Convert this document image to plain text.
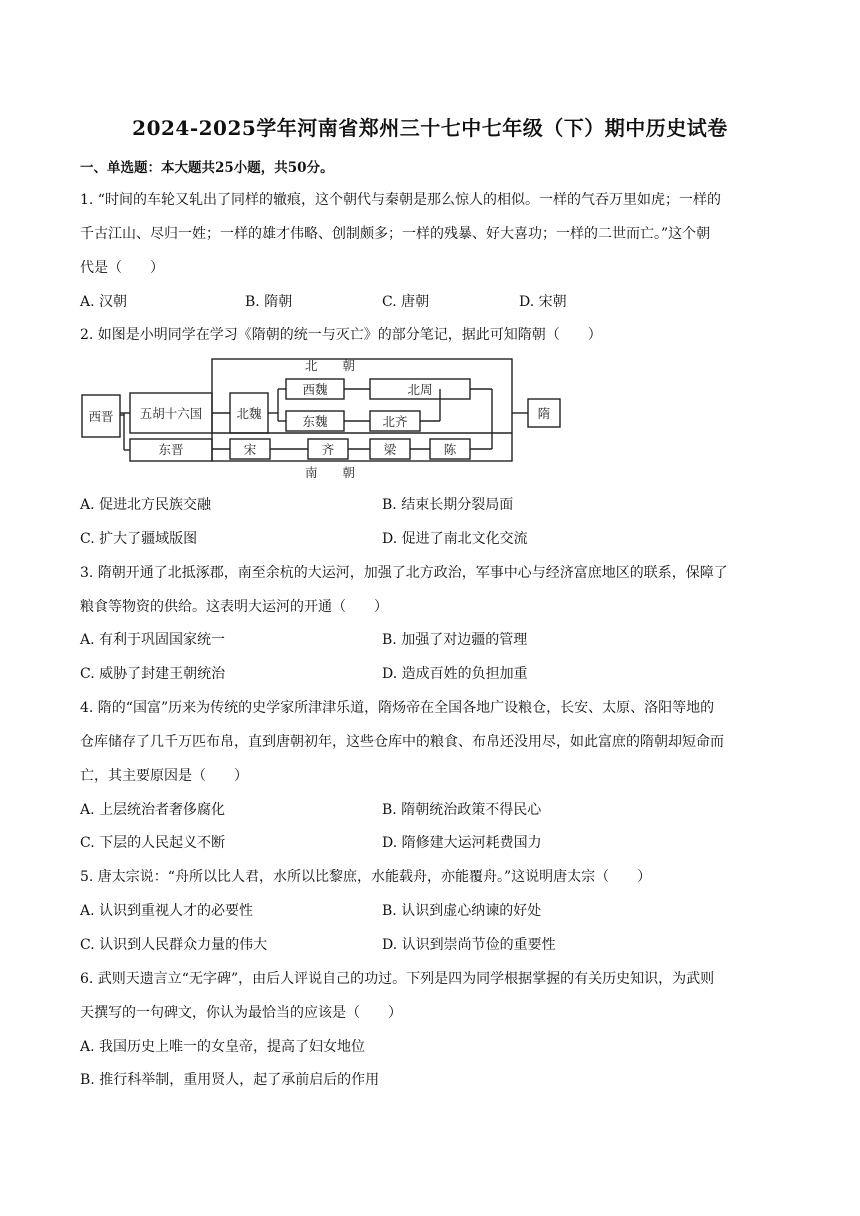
2024-2025学年河南省郑州三十七中七年级（下）期中历史试卷
一、单选题：本大题共25小题，共50分。
1. “时间的车轮又轧出了同样的辙痕，这个朝代与秦朝是那么惊人的相似。一样的气吞万里如虎；一样的
千古江山、尽归一姓；一样的雄才伟略、创制颇多；一样的残暴、好大喜功；一样的二世而亡。”这个朝
代是（　　）
A. 汉朝	B. 隋朝	C. 唐朝	D. 宋朝
2. 如图是小明同学在学习《隋朝的统一与灭亡》的部分笔记，据此可知隋朝（　　）
北　　朝
南　　朝
西晋 五胡十六国
东晋
北魏
西魏	北周
东魏	北齐
宋	齐	梁	陈
隋
A. 促进北方民族交融	B. 结束长期分裂局面
C. 扩大了疆域版图	D. 促进了南北文化交流
3. 隋朝开通了北抵涿郡，南至余杭的大运河，加强了北方政治，军事中心与经济富庶地区的联系，保障了
粮食等物资的供给。这表明大运河的开通（　　）
A. 有利于巩固国家统一	B. 加强了对边疆的管理
C. 威胁了封建王朝统治	D. 造成百姓的负担加重
4. 隋的“国富”历来为传统的史学家所津津乐道，隋炀帝在全国各地广设粮仓，长安、太原、洛阳等地的
仓库储存了几千万匹布帛，直到唐朝初年，这些仓库中的粮食、布帛还没用尽，如此富庶的隋朝却短命而
亡，其主要原因是（　　）
A. 上层统治者奢侈腐化	B. 隋朝统治政策不得民心
C. 下层的人民起义不断	D. 隋修建大运河耗费国力
5. 唐太宗说：“舟所以比人君，水所以比黎庶，水能载舟，亦能覆舟。”这说明唐太宗（　　）
A. 认识到重视人才的必要性	B. 认识到虚心纳谏的好处
C. 认识到人民群众力量的伟大	D. 认识到崇尚节俭的重要性
6. 武则天遗言立“无字碑”，由后人评说自己的功过。下列是四为同学根据掌握的有关历史知识，为武则
天撰写的一句碑文，你认为最恰当的应该是（　　）
A. 我国历史上唯一的女皇帝，提高了妇女地位
B. 推行科举制，重用贤人，起了承前启后的作用
